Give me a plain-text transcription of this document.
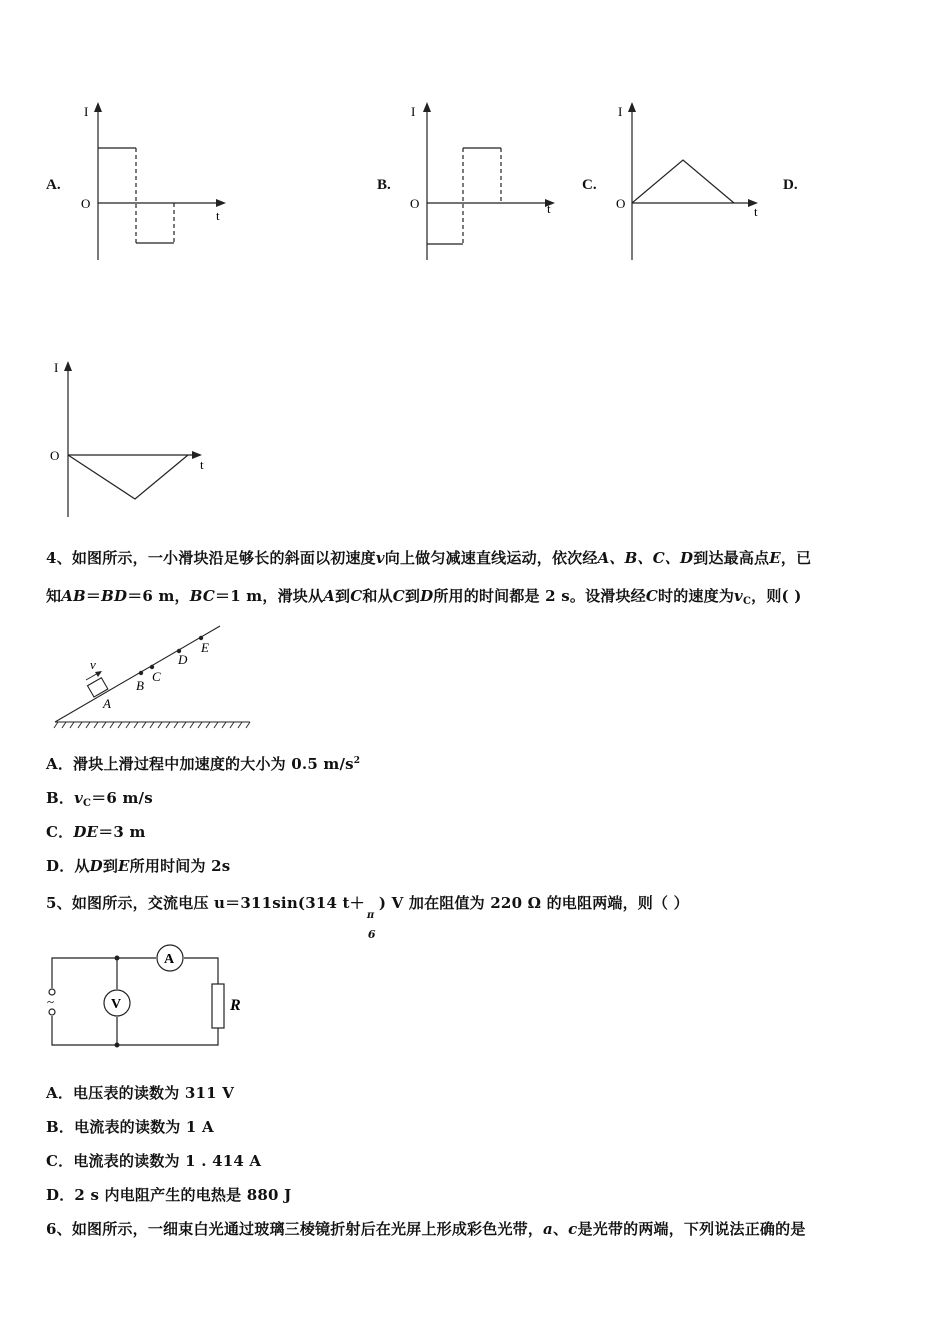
A.	B.	C.	D.
I
t
O
I
t
O
I
t
O
I
t
O
4、如图所示，一小滑块沿足够长的斜面以初速度v向上做匀减速直线运动，依次经A、B、C、D到达最高点E，已
知AB＝BD＝6 m，BC＝1 m，滑块从A到C和从C到D所用的时间都是 2 s。设滑块经C时的速度为$v_C$，则( )
v
A
B
C
D
E
A．滑块上滑过程中加速度的大小为 0.5 $m/s^2$
B．$v_C=6$ m/s
C．DE＝3 m
D．从D到E所用时间为 2s
5、如图所示，交流电压 u＝311sin(314 t＋
π
6
) V 加在阻值为 220 Ω 的电阻两端，则（ ）
A
V	R
~
A．电压表的读数为 311 V
B．电流表的读数为 1 A
C．电流表的读数为 1 . 414 A
D．2 s 内电阻产生的电热是 880 J
6、如图所示，一细束白光通过玻璃三棱镜折射后在光屏上形成彩色光带，a、c是光带的两端，下列说法正确的是
